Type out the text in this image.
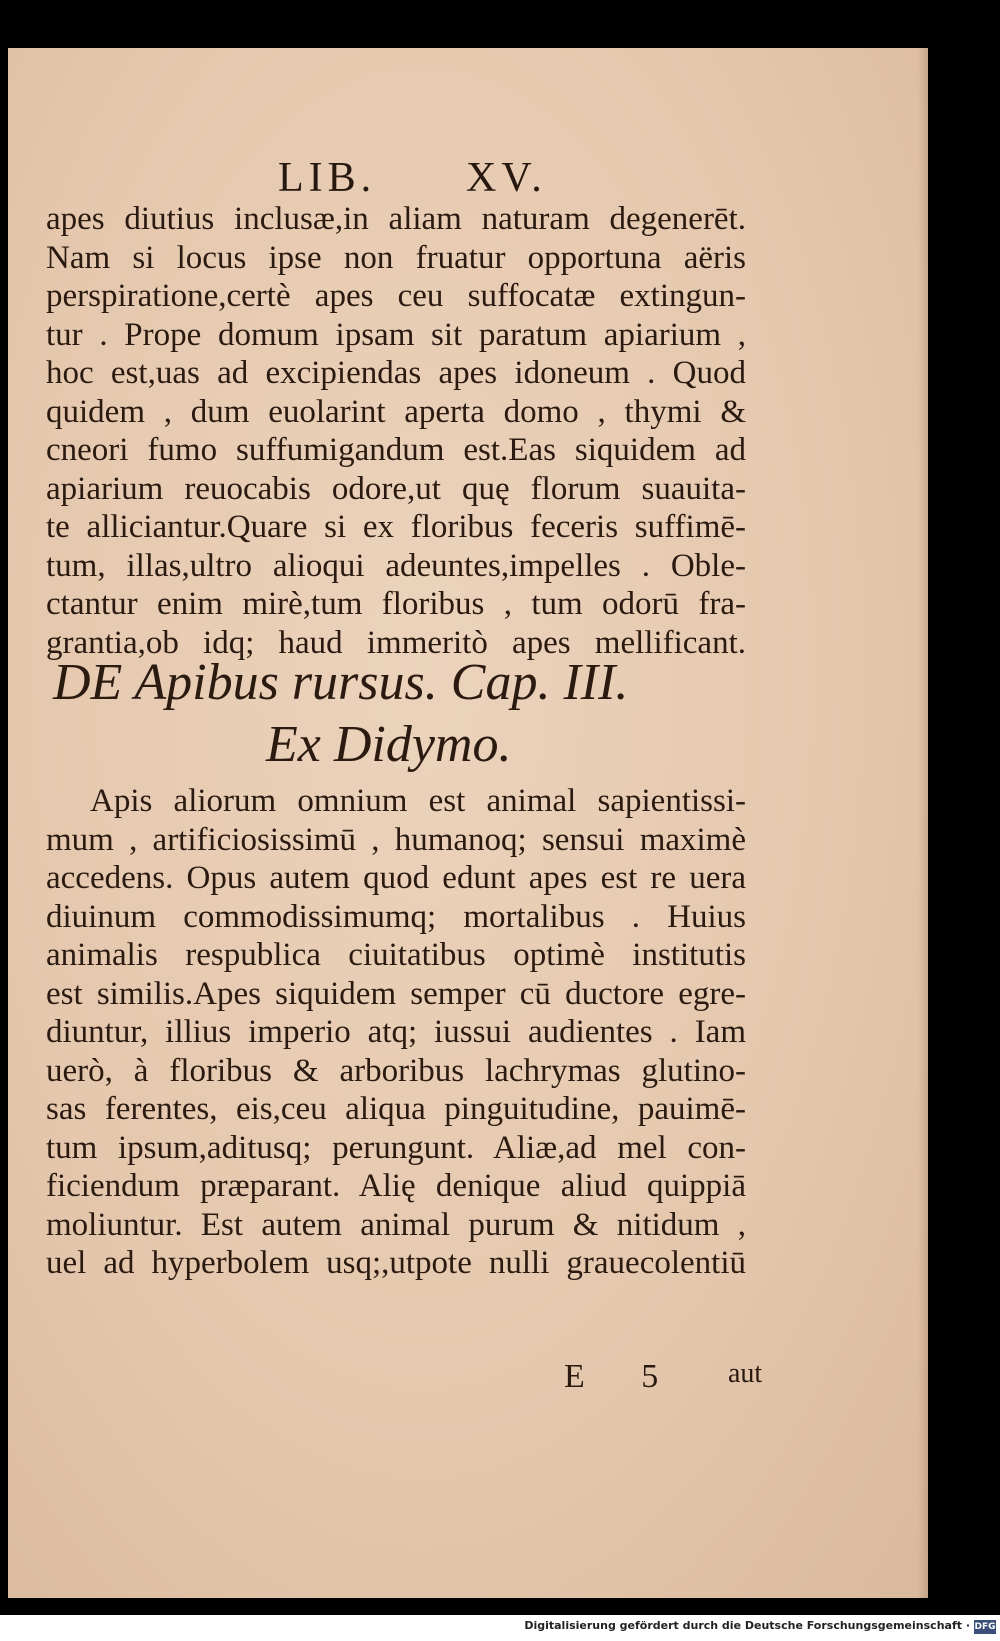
LIB. XV.
apes diutius inclusæ,in aliam naturam degenerēt.
Nam si locus ipse non fruatur opportuna aëris
perspiratione,certè apes ceu suffocatæ extingun-
tur . Prope domum ipsam sit paratum apiarium ,
hoc est,uas ad excipiendas apes idoneum . Quod
quidem , dum euolarint aperta domo , thymi &
cneori fumo suffumigandum est.Eas siquidem ad
apiarium reuocabis odore,ut quę florum suauita-
te alliciantur.Quare si ex floribus feceris suffimē-
tum, illas,ultro alioqui adeuntes,impelles . Oble-
ctantur enim mirè,tum floribus , tum odorū fra-
grantia,ob idq; haud immeritò apes mellificant.
DE Apibus rursus. Cap. III.
Ex Didymo.
Apis aliorum omnium est animal sapientissi-
mum , artificiosissimū , humanoq; sensui maximè
accedens. Opus autem quod edunt apes est re uera
diuinum commodissimumq; mortalibus . Huius
animalis respublica ciuitatibus optimè institutis
est similis.Apes siquidem semper cū ductore egre-
diuntur, illius imperio atq; iussui audientes . Iam
uerò, à floribus & arboribus lachrymas glutino-
sas ferentes, eis,ceu aliqua pinguitudine, pauimē-
tum ipsum,aditusq; perungunt. Aliæ,ad mel con-
ficiendum præparant. Alię denique aliud quippiā
moliuntur. Est autem animal purum & nitidum ,
uel ad hyperbolem usq;,utpote nulli grauecolentiū
E 5 aut
Digitalisierung gefördert durch die Deutsche Forschungsgemeinschaft · DFG
